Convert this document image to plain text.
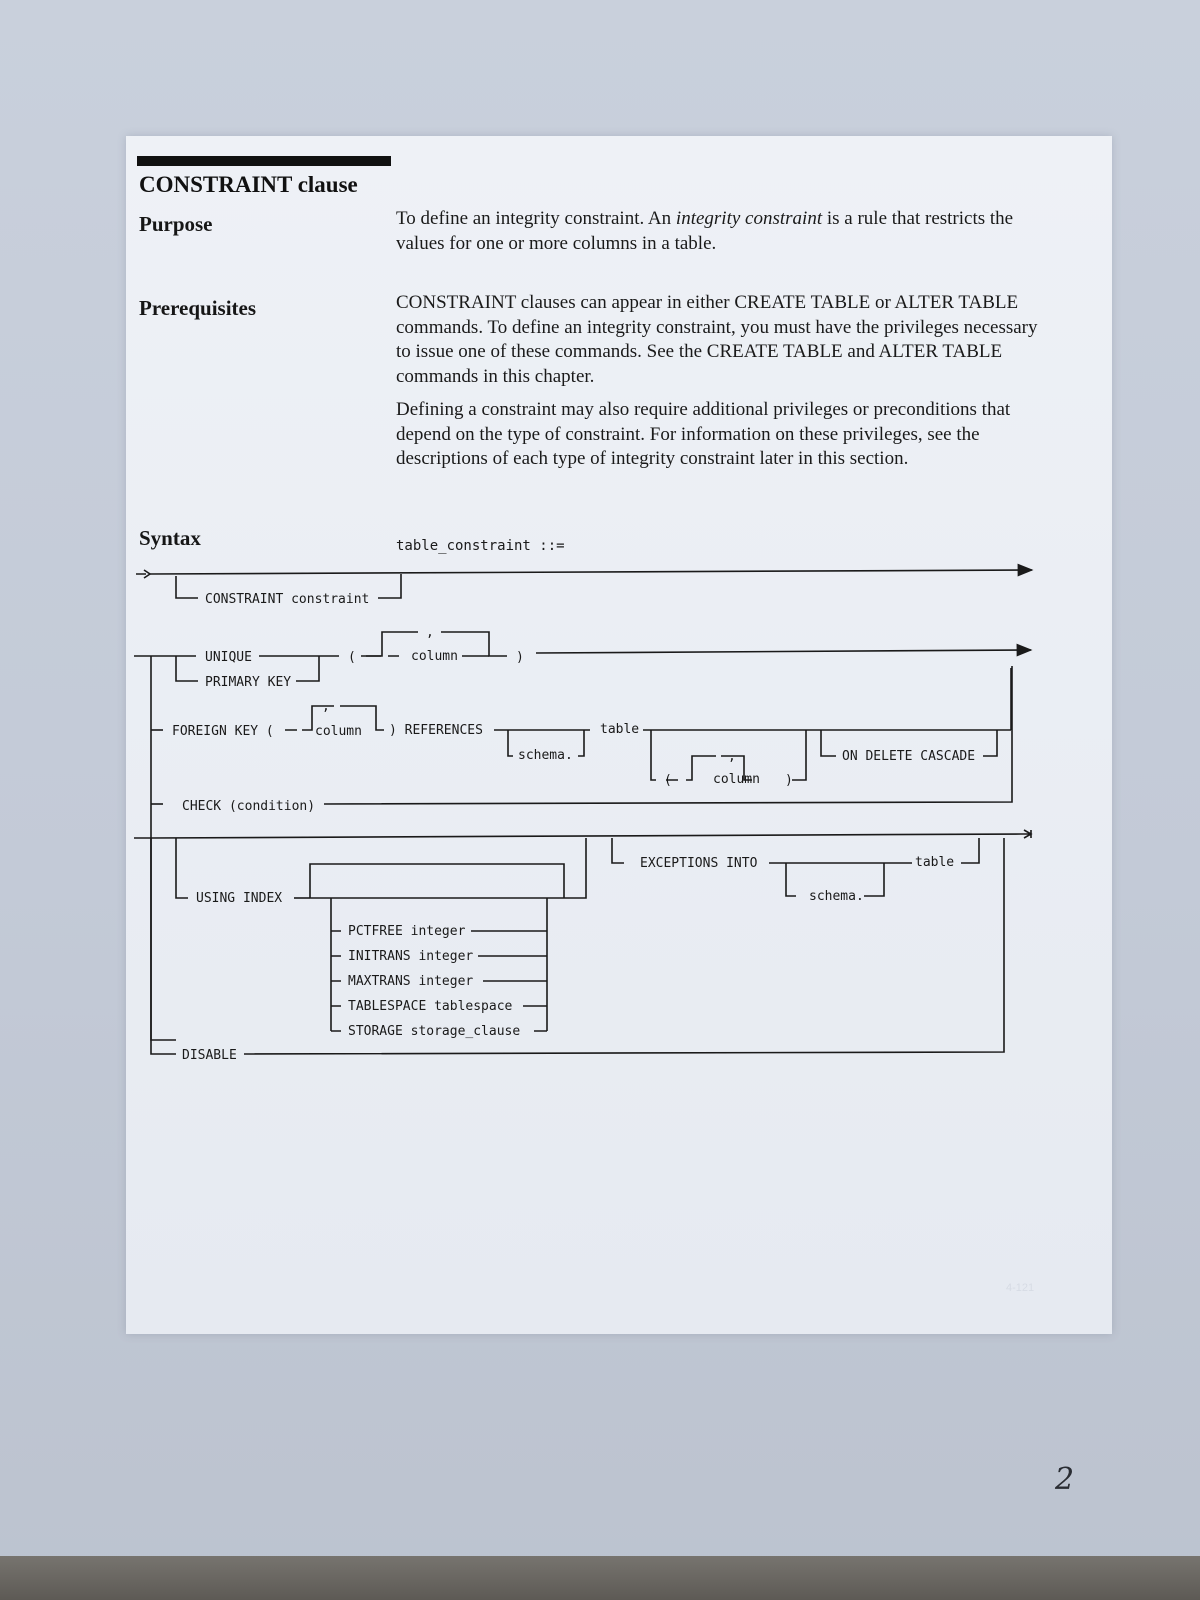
CONSTRAINT clause
Purpose	To define an integrity constraint. An integrity constraint is a rule that restricts the values for one or more columns in a table.
Prerequisites	CONSTRAINT clauses can appear in either CREATE TABLE or ALTER TABLE commands. To define an integrity constraint, you must have the privileges necessary to issue one of these commands. See the CREATE TABLE and ALTER TABLE commands in this chapter.
Defining a constraint may also require additional privileges or preconditions that depend on the type of constraint. For information on these privileges, see the descriptions of each type of integrity constraint later in this section.
Syntax	table_constraint ::=
CONSTRAINT constraint
UNIQUE
PRIMARY KEY
(
,
column	)
FOREIGN KEY (
,
column ) REFERENCES
schema.
table
(
,
column )
ON DELETE CASCADE
CHECK (condition)
USING INDEX
PCTFREE integer
INITRANS integer
MAXTRANS integer
TABLESPACE tablespace
STORAGE storage_clause
EXCEPTIONS INTO
schema.
table
DISABLE
4-121
2
